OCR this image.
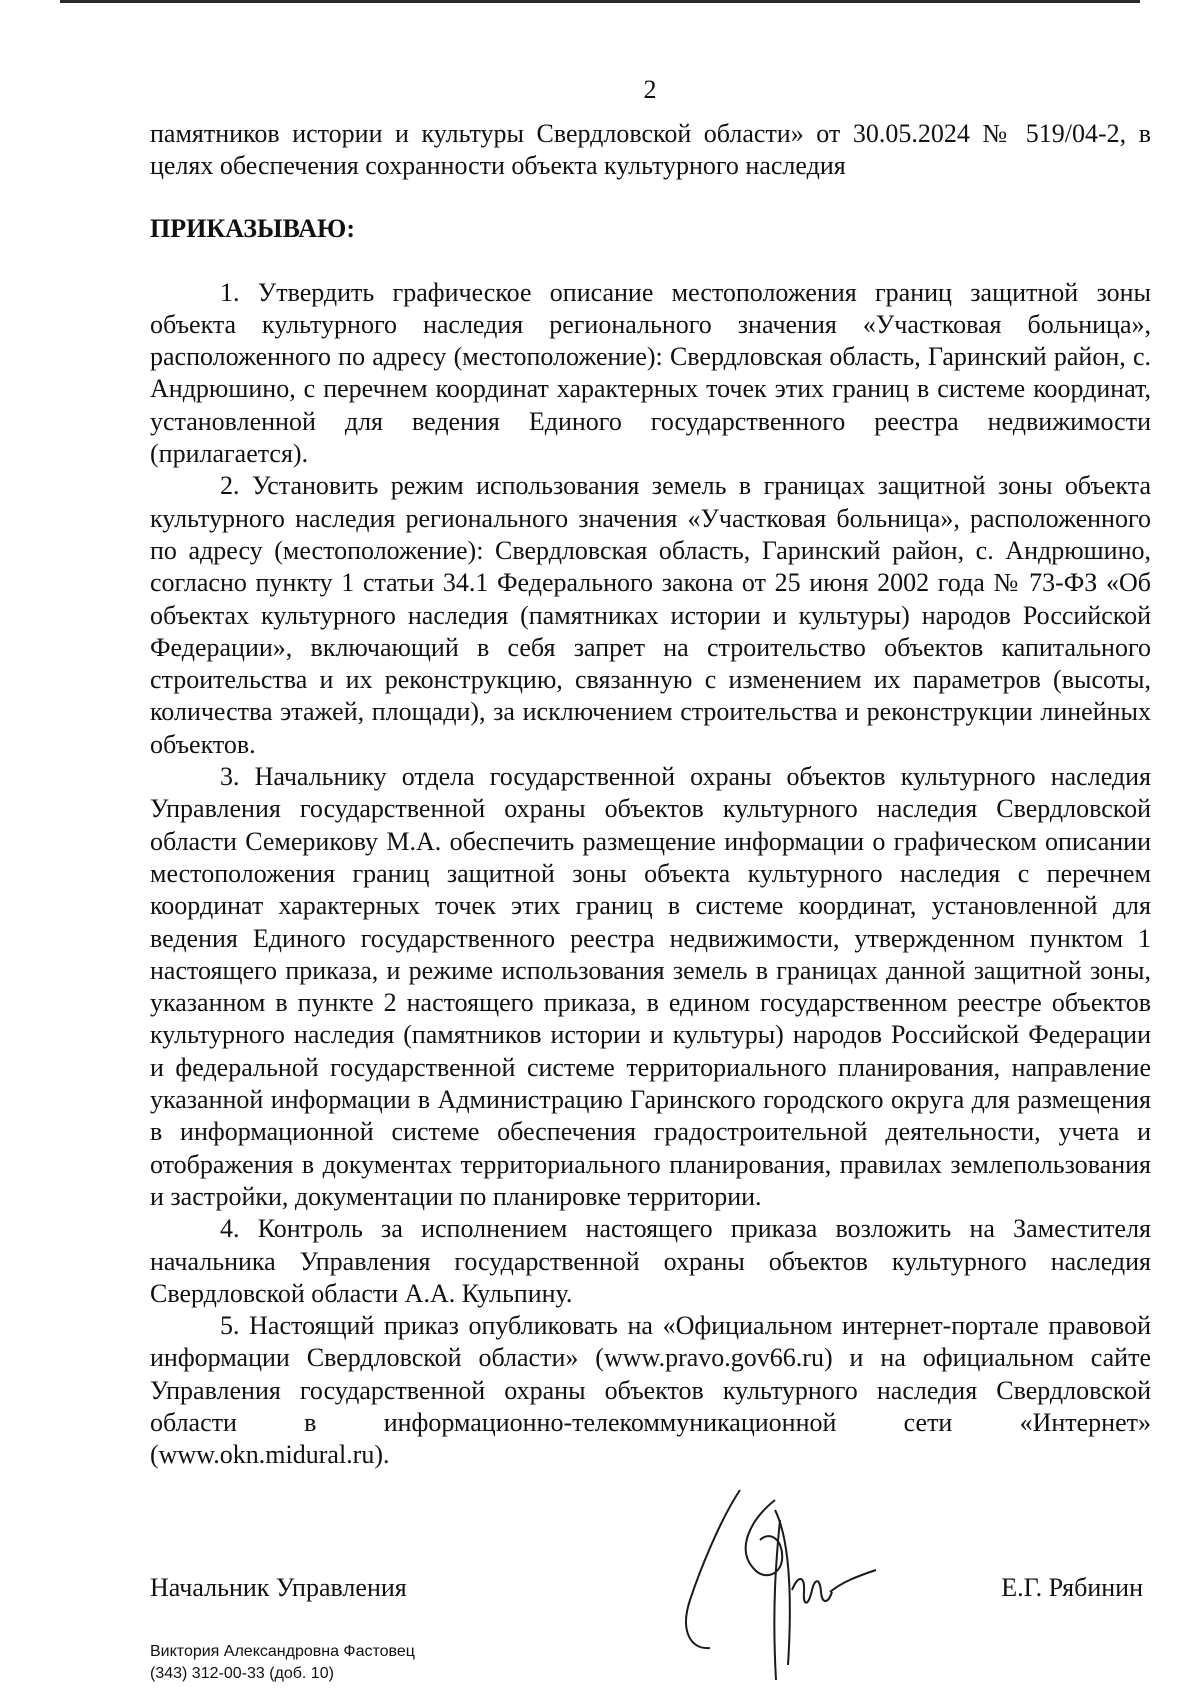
2

памятников истории и культуры Свердловской области» от 30.05.2024 № 519/04-2, в целях обеспечения сохранности объекта культурного наследия

ПРИКАЗЫВАЮ:

1. Утвердить графическое описание местоположения границ защитной зоны объекта культурного наследия регионального значения «Участковая больница», расположенного по адресу (местоположение): Свердловская область, Гаринский район, с. Андрюшино, с перечнем координат характерных точек этих границ в системе координат, установленной для ведения Единого государственного реестра недвижимости (прилагается).

2. Установить режим использования земель в границах защитной зоны объекта культурного наследия регионального значения «Участковая больница», расположенного по адресу (местоположение): Свердловская область, Гаринский район, с. Андрюшино, согласно пункту 1 статьи 34.1 Федерального закона от 25 июня 2002 года № 73-ФЗ «Об объектах культурного наследия (памятниках истории и культуры) народов Российской Федерации», включающий в себя запрет на строительство объектов капитального строительства и их реконструкцию, связанную с изменением их параметров (высоты, количества этажей, площади), за исключением строительства и реконструкции линейных объектов.

3. Начальнику отдела государственной охраны объектов культурного наследия Управления государственной охраны объектов культурного наследия Свердловской области Семерикову М.А. обеспечить размещение информации о графическом описании местоположения границ защитной зоны объекта культурного наследия с перечнем координат характерных точек этих границ в системе координат, установленной для ведения Единого государственного реестра недвижимости, утвержденном пунктом 1 настоящего приказа, и режиме использования земель в границах данной защитной зоны, указанном в пункте 2 настоящего приказа, в едином государственном реестре объектов культурного наследия (памятников истории и культуры) народов Российской Федерации и федеральной государственной системе территориального планирования, направление указанной информации в Администрацию Гаринского городского округа для размещения в информационной системе обеспечения градостроительной деятельности, учета и отображения в документах территориального планирования, правилах землепользования и застройки, документации по планировке территории.

4. Контроль за исполнением настоящего приказа возложить на Заместителя начальника Управления государственной охраны объектов культурного наследия Свердловской области А.А. Кульпину.

5. Настоящий приказ опубликовать на «Официальном интернет-портале правовой информации Свердловской области» (www.pravo.gov66.ru) и на официальном сайте Управления государственной охраны объектов культурного наследия Свердловской области в информационно-телекоммуникационной сети «Интернет» (www.okn.midural.ru).

Начальник Управления	Е.Г. Рябинин
Виктория Александровна Фастовец
(343) 312-00-33 (доб. 10)
